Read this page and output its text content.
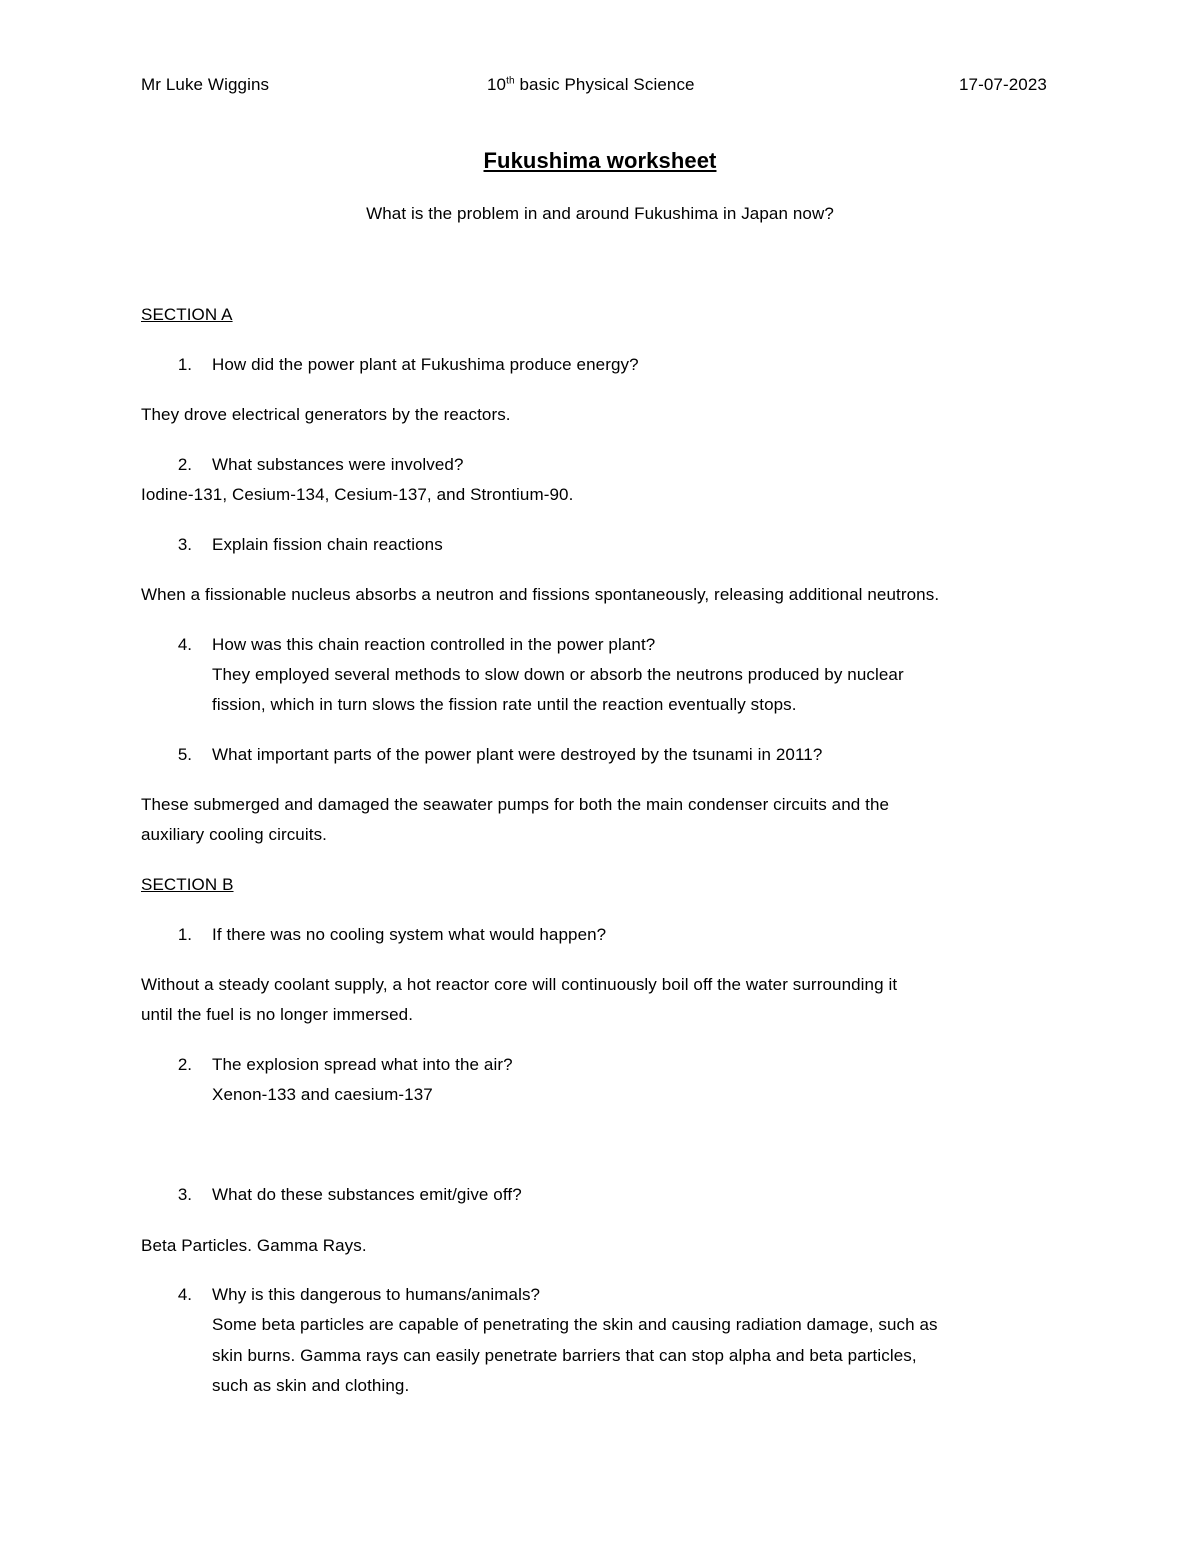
Mr Luke Wiggins	10th basic Physical Science	17-07-2023
Fukushima worksheet
What is the problem in and around Fukushima in Japan now?
SECTION A
1. How did the power plant at Fukushima produce energy?
They drove electrical generators by the reactors.
2. What substances were involved?
Iodine-131, Cesium-134, Cesium-137, and Strontium-90.
3. Explain fission chain reactions
When a fissionable nucleus absorbs a neutron and fissions spontaneously, releasing additional neutrons.
4. How was this chain reaction controlled in the power plant?
They employed several methods to slow down or absorb the neutrons produced by nuclear
fission, which in turn slows the fission rate until the reaction eventually stops.
5. What important parts of the power plant were destroyed by the tsunami in 2011?
These submerged and damaged the seawater pumps for both the main condenser circuits and the
auxiliary cooling circuits.
SECTION B
1. If there was no cooling system what would happen?
Without a steady coolant supply, a hot reactor core will continuously boil off the water surrounding it
until the fuel is no longer immersed.
2. The explosion spread what into the air?
Xenon-133 and caesium-137
3. What do these substances emit/give off?
Beta Particles. Gamma Rays.
4. Why is this dangerous to humans/animals?
Some beta particles are capable of penetrating the skin and causing radiation damage, such as
skin burns. Gamma rays can easily penetrate barriers that can stop alpha and beta particles,
such as skin and clothing.
